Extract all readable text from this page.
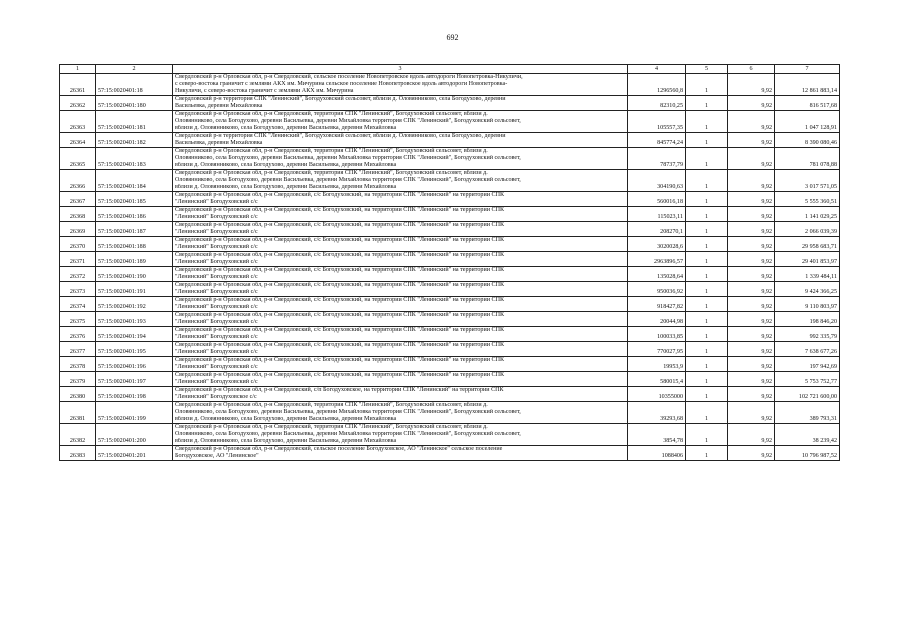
692
1	2	3	4	5	6	7
26361	57:15:0020401:18	Свердловский р-н Орловская обл, р-н Свердловский, сельское поселение Новопетровское вдоль автодороги Новопетровка-Никуличи,
с северо-востока граничит с землями АКХ им. Мичурина сельское поселение Новопетровское вдоль автодороги Новопетровка-
Никуличи, с северо-востока граничит с землями АКХ им. Мичурина	1296560,8	1	9,92	12 861 883,14
26362	57:15:0020401:180	Свердловский р-н территория СПК "Ленинский", Богодуховский сельсовет, вблизи д. Оловянниково, села Богодухово, деревни
Васильевка, деревни Михайловка	82310,25	1	9,92	816 517,68
26363	57:15:0020401:181	Свердловский р-н Орловская обл, р-н Свердловский, территория СПК "Ленинский", Богодуховский сельсовет, вблизи д.
Оловянниково, села Богодухово, деревни Васильевка, деревни Михайловка территория СПК "Ленинский", Богодуховский сельсовет,
вблизи д. Оловянниково, села Богодухово, деревни Васильевка, деревни Михайловка	105557,35	1	9,92	1 047 128,91
26364	57:15:0020401:182	Свердловский р-н территория СПК "Ленинский", Богодуховский сельсовет, вблизи д. Оловянниково, села Богодухово, деревни
Васильевка, деревни Михайловка	845774,24	1	9,92	8 390 080,46
26365	57:15:0020401:183	Свердловский р-н Орловская обл, р-н Свердловский, территория СПК "Ленинский", Богодуховский сельсовет, вблизи д.
Оловянниково, села Богодухово, деревни Васильевка, деревни Михайловка территория СПК "Ленинский", Богодуховский сельсовет,
вблизи д. Оловянниково, села Богодухово, деревни Васильевка, деревни Михайловка	78737,79	1	9,92	781 078,88
26366	57:15:0020401:184	Свердловский р-н Орловская обл, р-н Свердловский, территория СПК "Ленинский", Богодуховский сельсовет, вблизи д.
Оловянниково, села Богодухово, деревни Васильевка, деревни Михайловка территория СПК "Ленинский", Богодуховский сельсовет,
вблизи д. Оловянниково, села Богодухово, деревни Васильевка, деревни Михайловка	304190,63	1	9,92	3 017 571,05
26367	57:15:0020401:185	Свердловский р-н Орловская обл, р-н Свердловский, с/с Богодуховский, на территории СПК "Ленинский" на территории СПК
"Ленинский" Богодуховский с/с	560016,18	1	9,92	5 555 360,51
26368	57:15:0020401:186	Свердловский р-н Орловская обл, р-н Свердловский, с/с Богодуховский, на территории СПК "Ленинский" на территории СПК
"Ленинский" Богодуховский с/с	115023,11	1	9,92	1 141 029,25
26369	57:15:0020401:187	Свердловский р-н Орловская обл, р-н Свердловский, с/с Богодуховский, на территории СПК "Ленинский" на территории СПК
"Ленинский" Богодуховский с/с	208270,1	1	9,92	2 066 039,39
26370	57:15:0020401:188	Свердловский р-н Орловская обл, р-н Свердловский, с/с Богодуховский, на территории СПК "Ленинский" на территории СПК
"Ленинский" Богодуховский с/с	3020028,6	1	9,92	29 958 683,71
26371	57:15:0020401:189	Свердловский р-н Орловская обл, р-н Свердловский, с/с Богодуховский, на территории СПК "Ленинский" на территории СПК
"Ленинский" Богодуховский с/с	2963896,57	1	9,92	29 401 853,97
26372	57:15:0020401:190	Свердловский р-н Орловская обл, р-н Свердловский, с/с Богодуховский, на территории СПК "Ленинский" на территории СПК
"Ленинский" Богодуховский с/с	135028,64	1	9,92	1 339 484,11
26373	57:15:0020401:191	Свердловский р-н Орловская обл, р-н Свердловский, с/с Богодуховский, на территории СПК "Ленинский" на территории СПК
"Ленинский" Богодуховский с/с	950036,92	1	9,92	9 424 366,25
26374	57:15:0020401:192	Свердловский р-н Орловская обл, р-н Свердловский, с/с Богодуховский, на территории СПК "Ленинский" на территории СПК
"Ленинский" Богодуховский с/с	918427,82	1	9,92	9 110 803,97
26375	57:15:0020401:193	Свердловский р-н Орловская обл, р-н Свердловский, с/с Богодуховский, на территории СПК "Ленинский" на территории СПК
"Ленинский" Богодуховский с/с	20044,98	1	9,92	198 846,20
26376	57:15:0020401:194	Свердловский р-н Орловская обл, р-н Свердловский, с/с Богодуховский, на территории СПК "Ленинский" на территории СПК
"Ленинский" Богодуховский с/с	100033,85	1	9,92	992 335,79
26377	57:15:0020401:195	Свердловский р-н Орловская обл, р-н Свердловский, с/с Богодуховский, на территории СПК "Ленинский" на территории СПК
"Ленинский" Богодуховский с/с	770027,95	1	9,92	7 638 677,26
26378	57:15:0020401:196	Свердловский р-н Орловская обл, р-н Свердловский, с/с Богодуховский, на территории СПК "Ленинский" на территории СПК
"Ленинский" Богодуховский с/с	19953,9	1	9,92	197 942,69
26379	57:15:0020401:197	Свердловский р-н Орловская обл, р-н Свердловский, с/с Богодуховский, на территории СПК "Ленинский" на территории СПК
"Ленинский" Богодуховский с/с	580015,4	1	9,92	5 753 752,77
26380	57:15:0020401:198	Свердловский р-н Орловская обл, р-н Свердловский, с/п Богодуховское, на территории СПК "Ленинский" на территории СПК
"Ленинский" Богодуховское с/с	10355000	1	9,92	102 721 600,00
26381	57:15:0020401:199	Свердловский р-н Орловская обл, р-н Свердловский, территория СПК "Ленинский", Богодуховский сельсовет, вблизи д.
Оловянниково, села Богодухово, деревни Васильевка, деревни Михайловка территория СПК "Ленинский", Богодуховский сельсовет,
вблизи д. Оловянниково, села Богодухово, деревни Васильевка, деревни Михайловка	39293,68	1	9,92	389 793,31
26382	57:15:0020401:200	Свердловский р-н Орловская обл, р-н Свердловский, территория СПК "Ленинский", Богодуховский сельсовет, вблизи д.
Оловянниково, села Богодухово, деревни Васильевка, деревни Михайловка территория СПК "Ленинский", Богодуховский сельсовет,
вблизи д. Оловянниково, села Богодухово, деревни Васильевка, деревни Михайловка	3854,78	1	9,92	38 239,42
26383	57:15:0020401:201	Свердловский р-н Орловская обл, р-н Свердловский, сельское поселение Богодуховское, АО "Ленинское" сельское поселение
Богодуховское, АО "Ленинское"	1088406	1	9,92	10 796 987,52
